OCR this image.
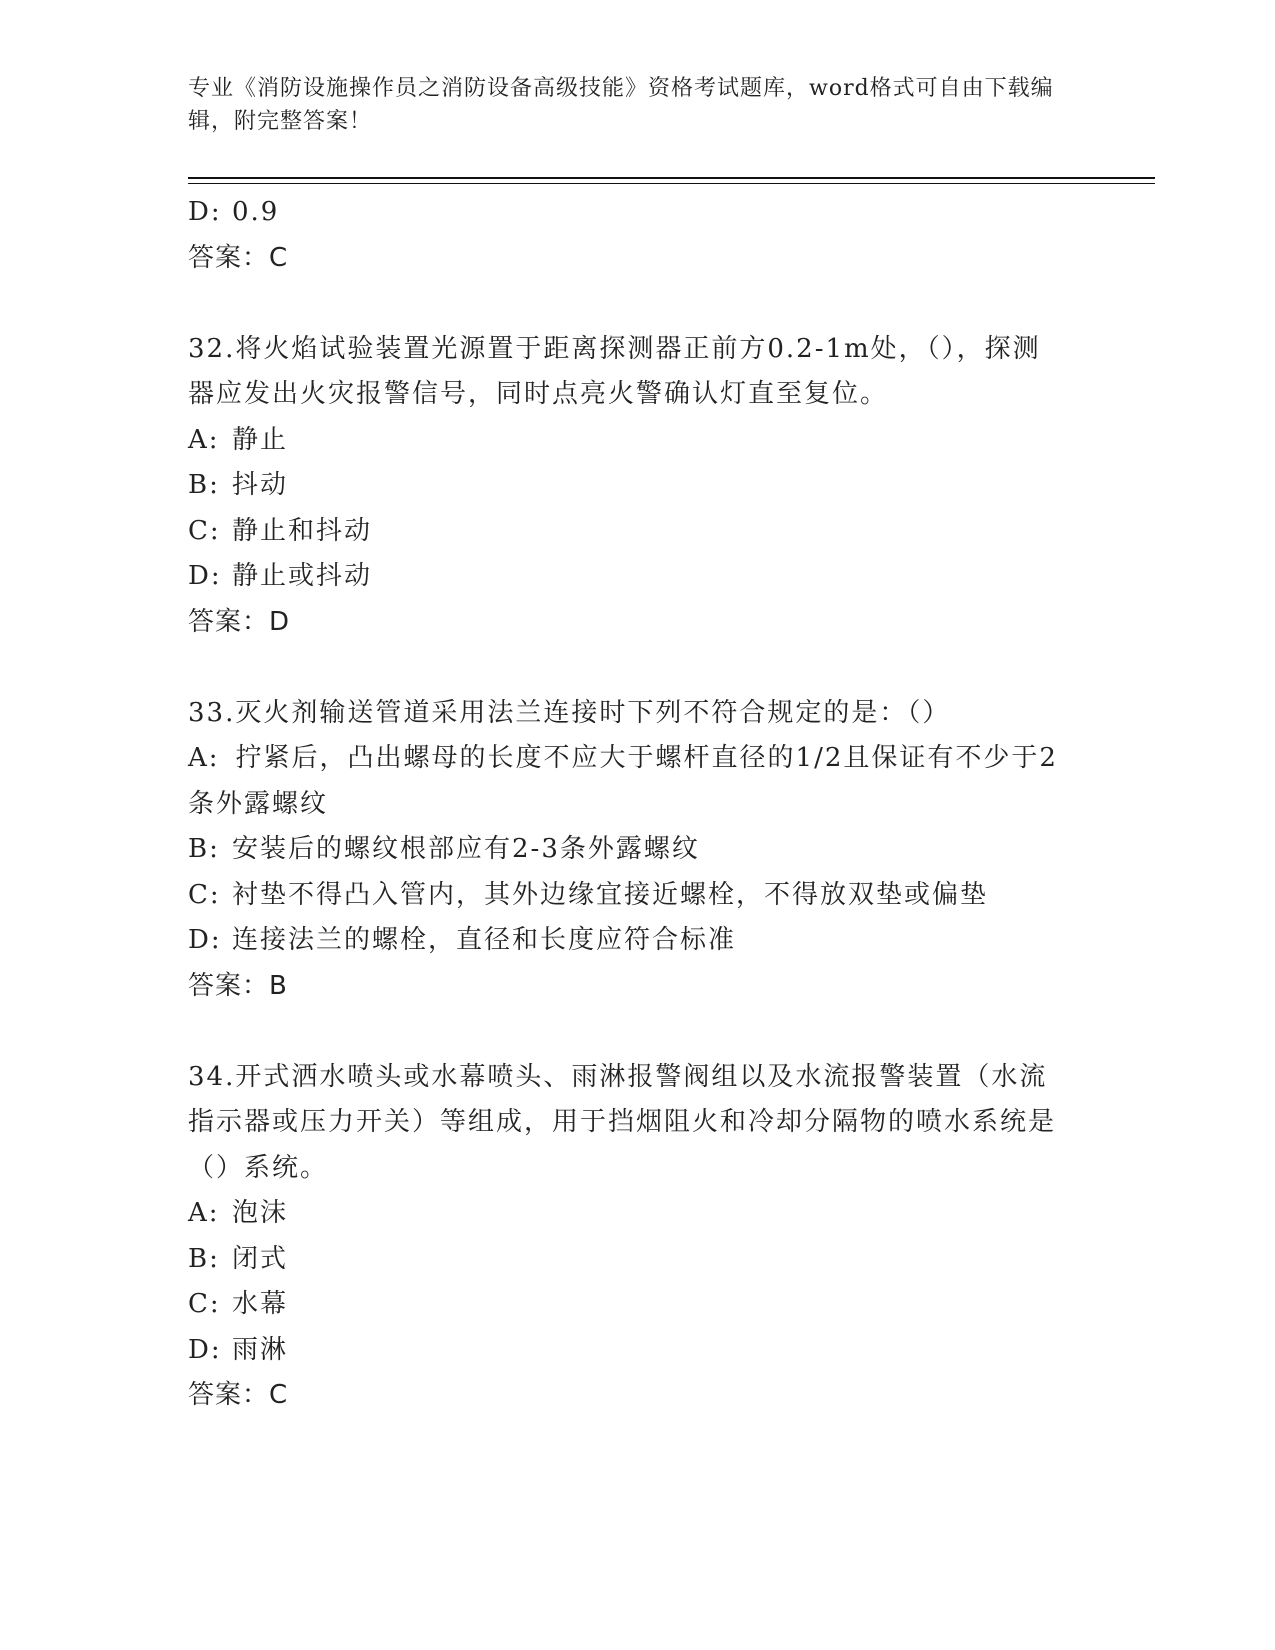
专业《消防设施操作员之消防设备高级技能》资格考试题库，word格式可自由下载编辑，附完整答案！
D: 0.9
答案：C
32.将火焰试验装置光源置于距离探测器正前方0.2-1m处，（），探测器应发出火灾报警信号，同时点亮火警确认灯直至复位。
A: 静止
B: 抖动
C: 静止和抖动
D: 静止或抖动
答案：D
33.灭火剂输送管道采用法兰连接时下列不符合规定的是：（）
A: 拧紧后，凸出螺母的长度不应大于螺杆直径的1/2且保证有不少于2条外露螺纹
B: 安装后的螺纹根部应有2-3条外露螺纹
C: 衬垫不得凸入管内，其外边缘宜接近螺栓，不得放双垫或偏垫
D: 连接法兰的螺栓，直径和长度应符合标准
答案：B
34.开式洒水喷头或水幕喷头、雨淋报警阀组以及水流报警装置（水流指示器或压力开关）等组成，用于挡烟阻火和冷却分隔物的喷水系统是（）系统。
A: 泡沫
B: 闭式
C: 水幕
D: 雨淋
答案：C
